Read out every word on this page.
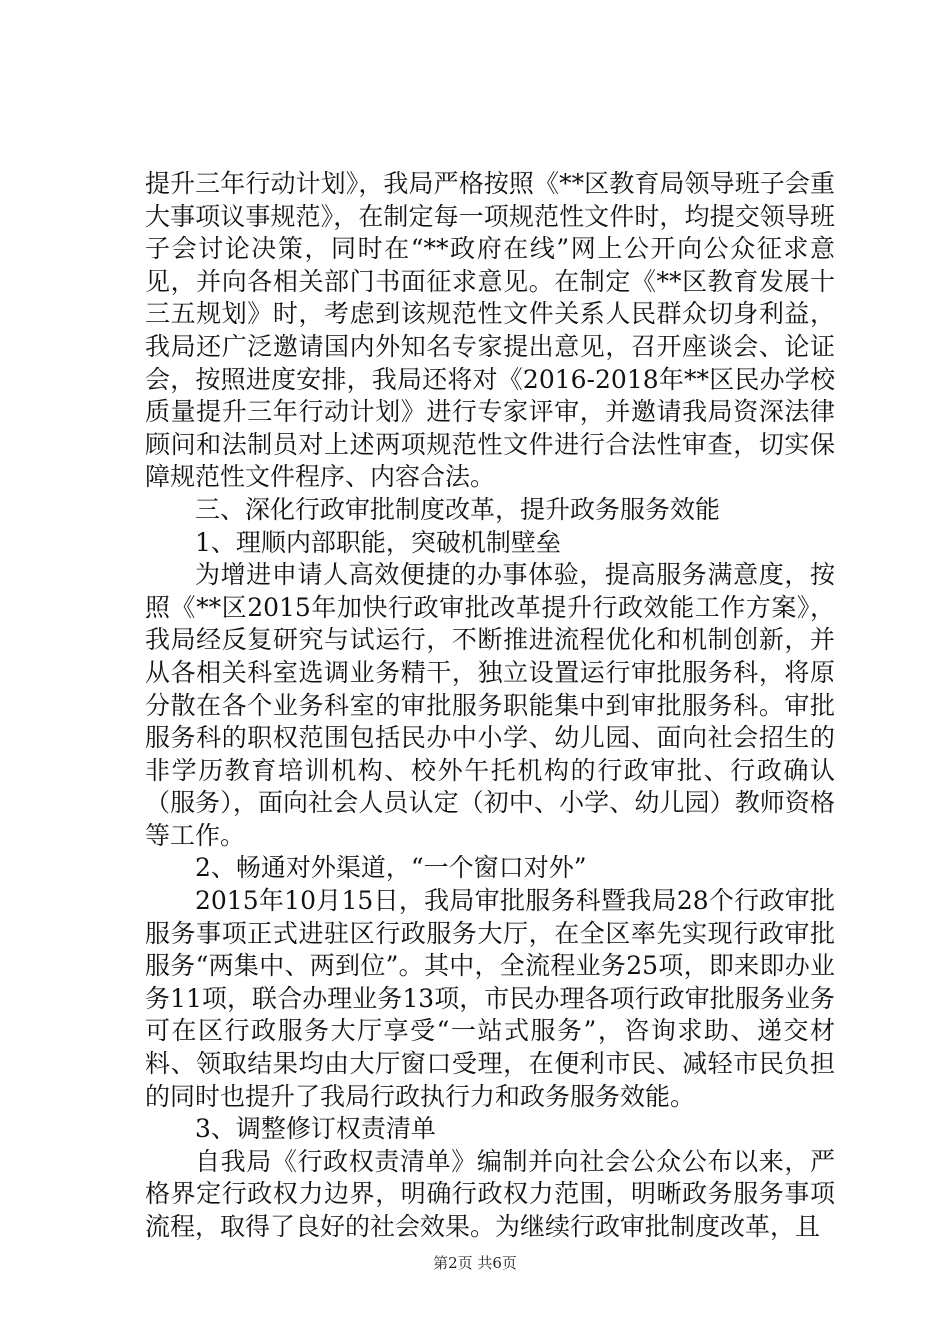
提升三年行动计划》，我局严格按照《**区教育局领导班子会重大事项议事规范》，在制定每一项规范性文件时，均提交领导班子会讨论决策，同时在“**政府在线”网上公开向公众征求意见，并向各相关部门书面征求意见。在制定《**区教育发展十三五规划》时，考虑到该规范性文件关系人民群众切身利益，我局还广泛邀请国内外知名专家提出意见，召开座谈会、论证会，按照进度安排，我局还将对《2016-2018年**区民办学校质量提升三年行动计划》进行专家评审，并邀请我局资深法律顾问和法制员对上述两项规范性文件进行合法性审查，切实保障规范性文件程序、内容合法。

三、深化行政审批制度改革，提升政务服务效能

1、理顺内部职能，突破机制壁垒

为增进申请人高效便捷的办事体验，提高服务满意度，按照《**区2015年加快行政审批改革提升行政效能工作方案》，我局经反复研究与试运行，不断推进流程优化和机制创新，并从各相关科室选调业务精干，独立设置运行审批服务科，将原分散在各个业务科室的审批服务职能集中到审批服务科。审批服务科的职权范围包括民办中小学、幼儿园、面向社会招生的非学历教育培训机构、校外午托机构的行政审批、行政确认（服务），面向社会人员认定（初中、小学、幼儿园）教师资格等工作。

2、畅通对外渠道，“一个窗口对外”

2015年10月15日，我局审批服务科暨我局28个行政审批服务事项正式进驻区行政服务大厅，在全区率先实现行政审批服务“两集中、两到位”。其中，全流程业务25项，即来即办业务11项，联合办理业务13项，市民办理各项行政审批服务业务可在区行政服务大厅享受“一站式服务”，咨询求助、递交材料、领取结果均由大厅窗口受理，在便利市民、减轻市民负担的同时也提升了我局行政执行力和政务服务效能。

3、调整修订权责清单

自我局《行政权责清单》编制并向社会公众公布以来，严格界定行政权力边界，明确行政权力范围，明晰政务服务事项流程，取得了良好的社会效果。为继续行政审批制度改革，且

第2页 共6页
